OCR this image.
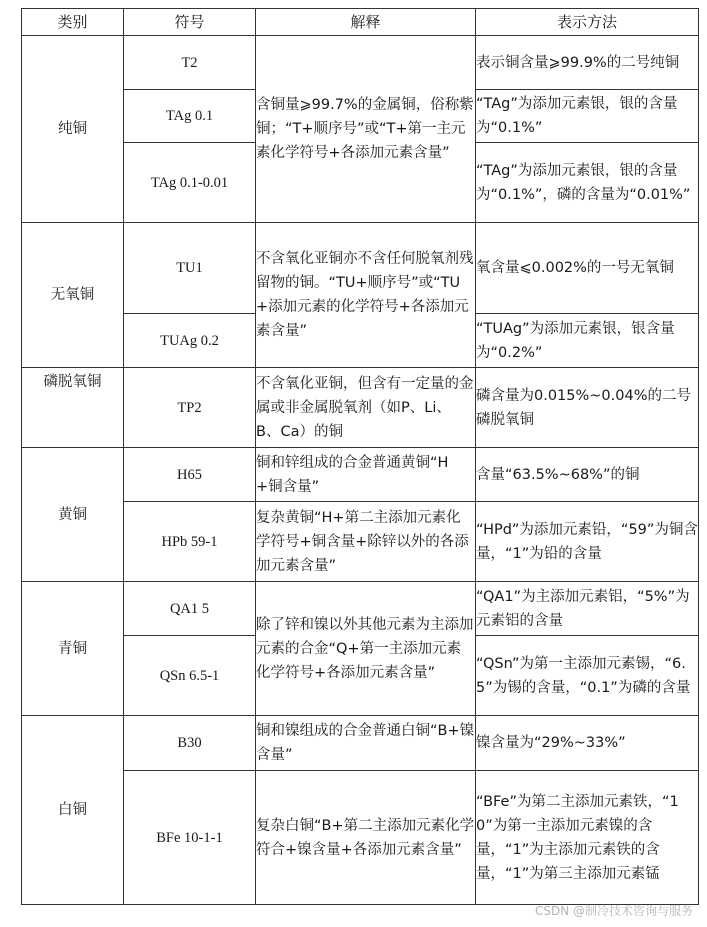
类别	符号	解释	表示方法
纯铜	T2	含铜量⩾99.7%的金属铜，俗称紫铜；“T+顺序号”或“T+第一主元素化学符号+各添加元素含量”	表示铜含量⩾99.9%的二号纯铜
	TAg 0.1		“TAg”为添加元素银，银的含量为“0.1%”
	TAg 0.1-0.01		“TAg”为添加元素银，银的含量为“0.1%”，磷的含量为“0.01%”
无氧铜	TU1	不含氧化亚铜亦不含任何脱氧剂残留物的铜。“TU+顺序号”或“TU+添加元素的化学符号+各添加元素含量”	氧含量⩽0.002%的一号无氧铜
	TUAg 0.2		“TUAg”为添加元素银，银含量为“0.2%”
磷脱氧铜	TP2	不含氧化亚铜，但含有一定量的金属或非金属脱氧剂（如P、Li、B、Ca）的铜	磷含量为0.015%~0.04%的二号磷脱氧铜
黄铜	H65	铜和锌组成的合金普通黄铜“H+铜含量”	含量“63.5%~68%”的铜
	HPb 59-1	复杂黄铜“H+第二主添加元素化学符号+铜含量+除锌以外的各添加元素含量”	“HPd”为添加元素铅，“59”为铜含量，“1”为铅的含量
青铜	QA1 5	除了锌和镍以外其他元素为主添加元素的合金“Q+第一主添加元素化学符号+各添加元素含量”	“QA1”为主添加元素铝，“5%”为元素铝的含量
	QSn 6.5-1		“QSn”为第一主添加元素锡，“6.5”为锡的含量，“0.1”为磷的含量
白铜	B30	铜和镍组成的合金普通白铜“B+镍含量”	镍含量为“29%~33%”
	BFe 10-1-1	复杂白铜“B+第二主添加元素化学符合+镍含量+各添加元素含量”	“BFe”为第二主添加元素铁，“10”为第一主添加元素镍的含量，“1”为主添加元素铁的含量，“1”为第三主添加元素锰
CSDN @制冷技术咨询与服务
